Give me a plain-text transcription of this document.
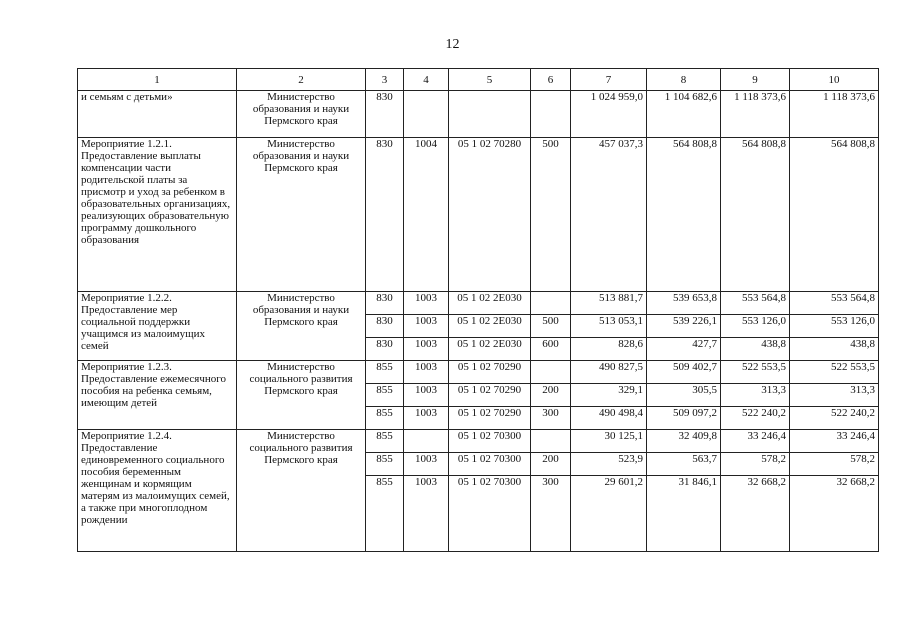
12
1	2	3	4	5	6	7	8	9	10
и семьям с детьми»	Министерство образования и науки Пермского края	830				1 024 959,0	1 104 682,6	1 118 373,6	1 118 373,6
Мероприятие 1.2.1. Предоставление выплаты компенсации части родительской платы за присмотр и уход за ребенком в образовательных организациях, реализующих образовательную программу дошкольного образования	Министерство образования и науки Пермского края	830	1004	05 1 02 70280	500	457 037,3	564 808,8	564 808,8	564 808,8
Мероприятие 1.2.2. Предоставление мер социальной поддержки учащимся из малоимущих семей	Министерство образования и науки Пермского края	830	1003	05 1 02 2Е030		513 881,7	539 653,8	553 564,8	553 564,8
		830	1003	05 1 02 2Е030	500	513 053,1	539 226,1	553 126,0	553 126,0
		830	1003	05 1 02 2Е030	600	828,6	427,7	438,8	438,8
Мероприятие 1.2.3. Предоставление ежемесячного пособия на ребенка семьям, имеющим детей	Министерство социального развития Пермского края	855	1003	05 1 02 70290		490 827,5	509 402,7	522 553,5	522 553,5
		855	1003	05 1 02 70290	200	329,1	305,5	313,3	313,3
		855	1003	05 1 02 70290	300	490 498,4	509 097,2	522 240,2	522 240,2
Мероприятие 1.2.4. Предоставление единовременного социального пособия беременным женщинам и кормящим матерям из малоимущих семей, а также при многоплодном рождении	Министерство социального развития Пермского края	855		05 1 02 70300		30 125,1	32 409,8	33 246,4	33 246,4
		855	1003	05 1 02 70300	200	523,9	563,7	578,2	578,2
		855	1003	05 1 02 70300	300	29 601,2	31 846,1	32 668,2	32 668,2
